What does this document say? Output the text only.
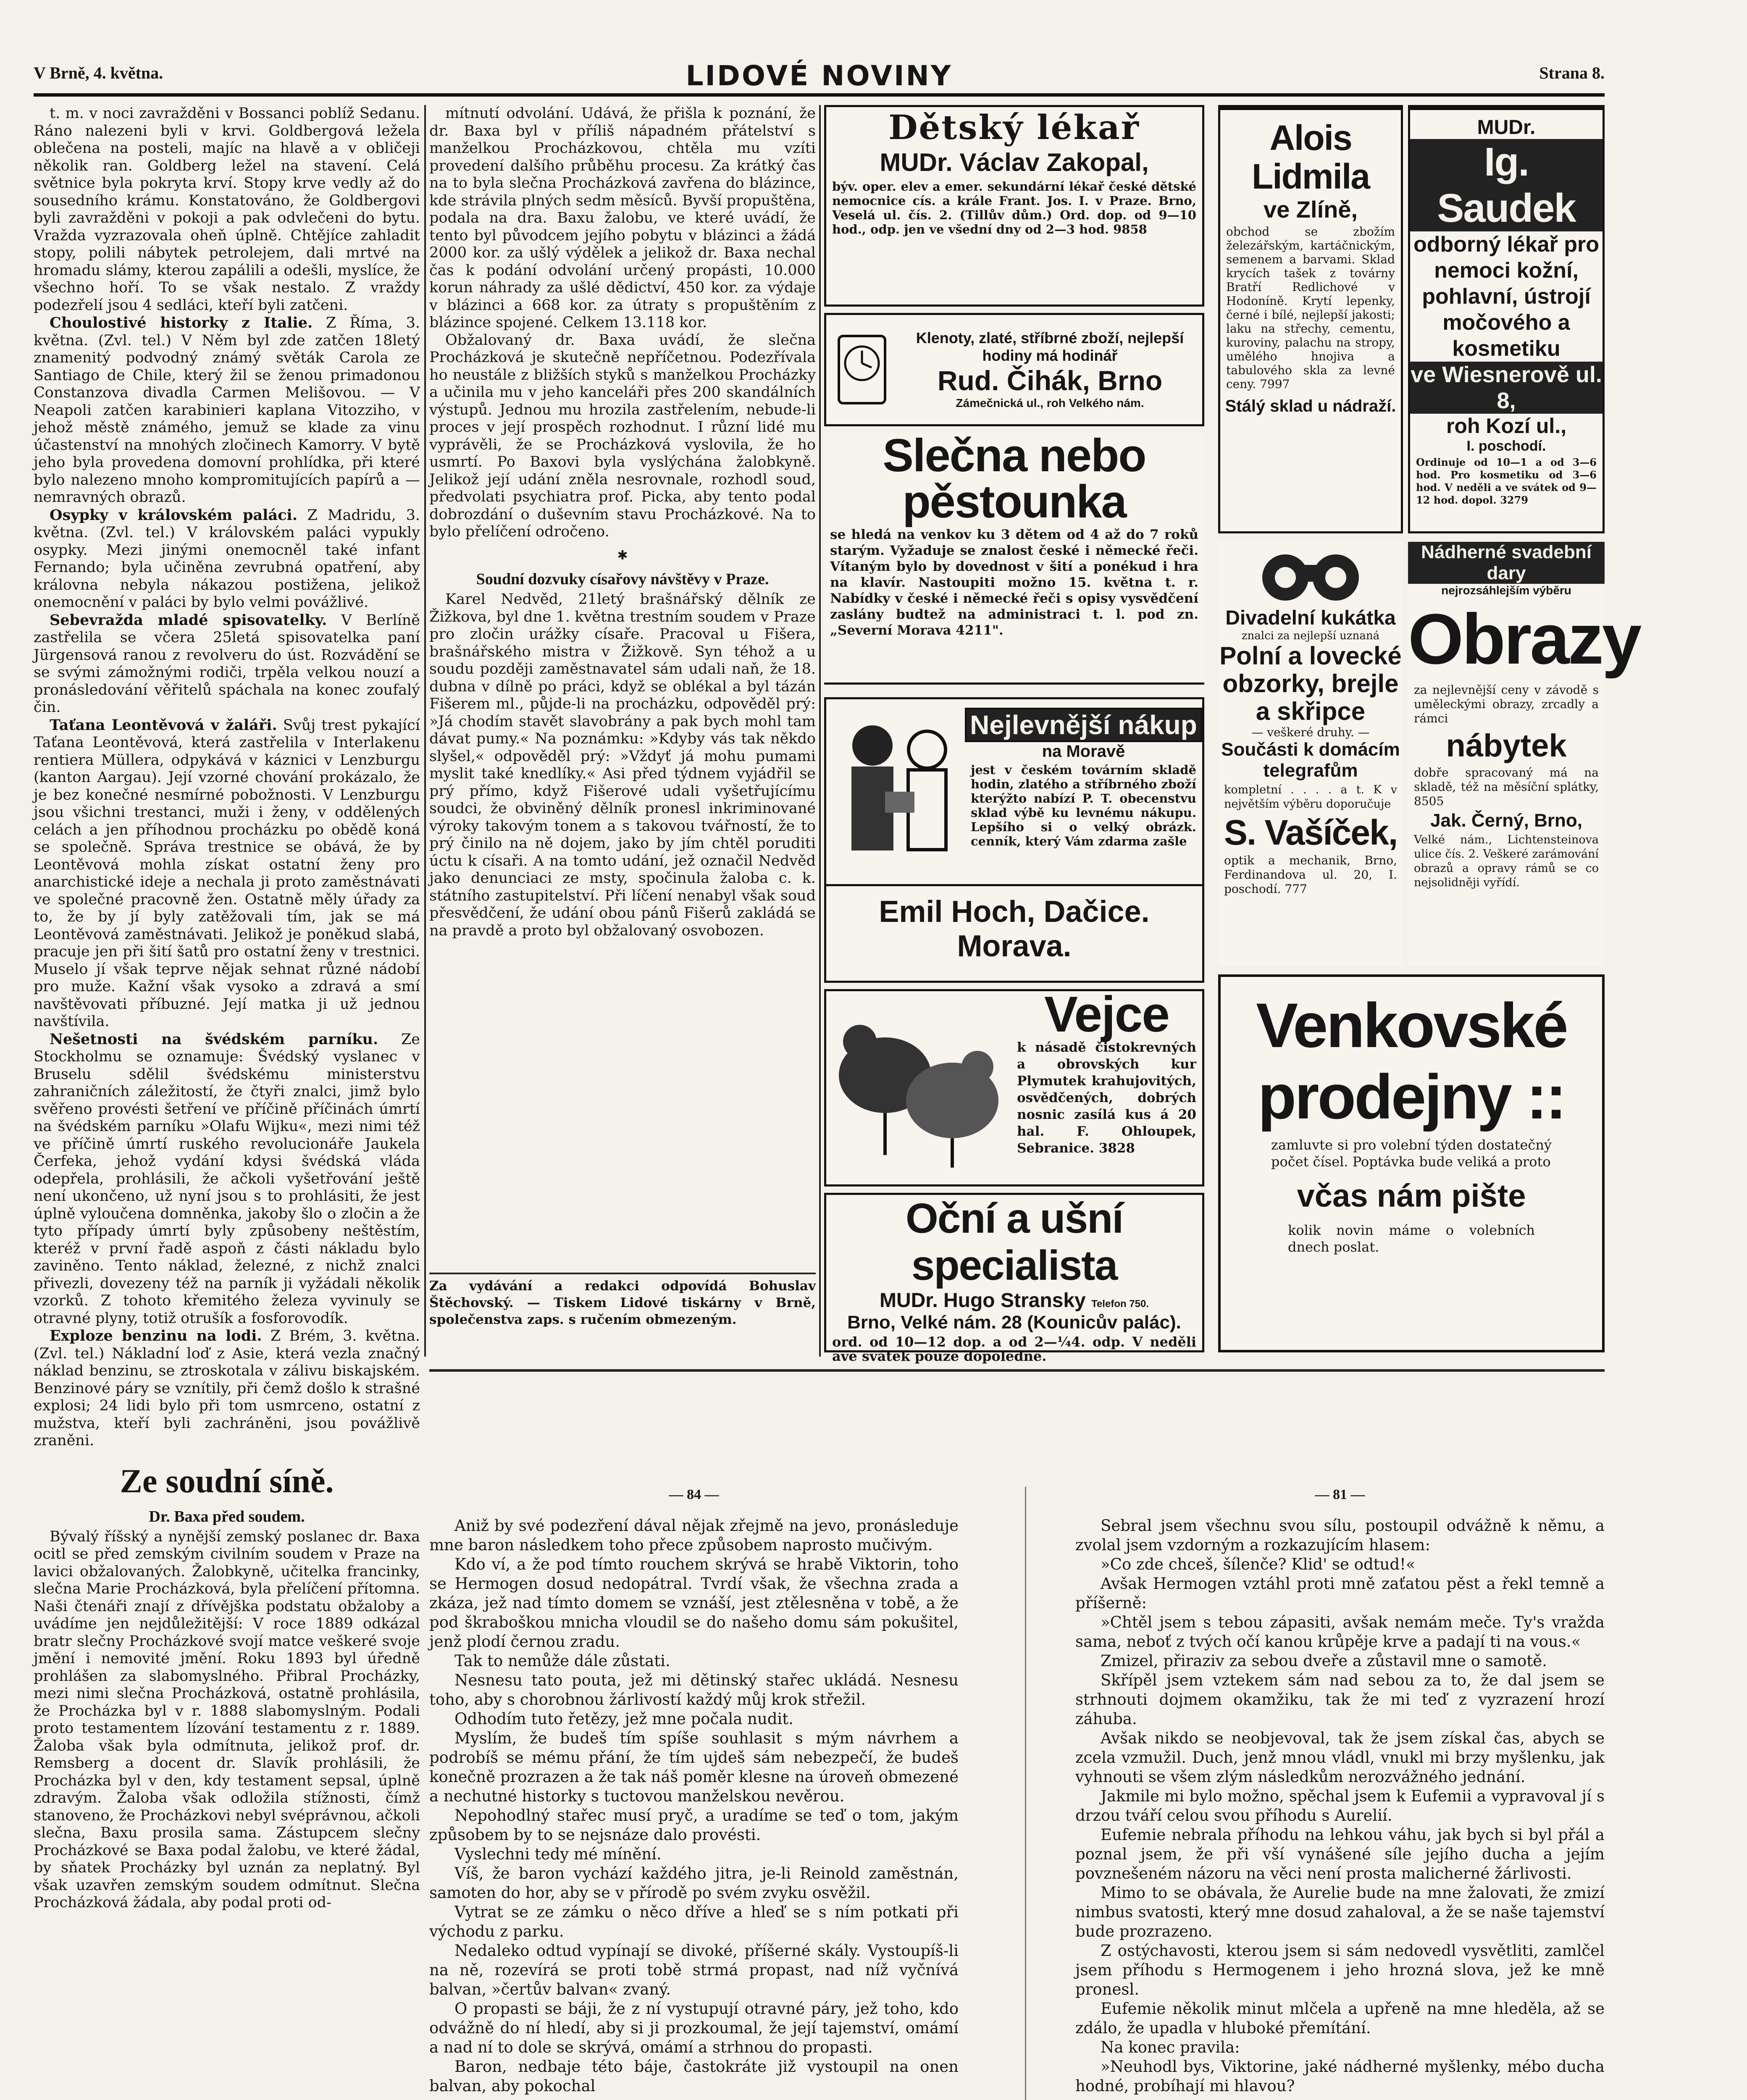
V Brně, 4. května.	LIDOVÉ NOVINY	Strana 8.

t. m. v noci zavražděni v Bossanci poblíž Sedanu. Ráno nalezeni byli v krvi. Goldbergová ležela oblečena na posteli, majíc na hlavě a v obličeji několik ran. Goldberg ležel na stavení. Celá světnice byla pokryta krví. Stopy krve vedly až do sousedního krámu. Konstatováno, že Goldbergovi byli zavražděni v pokoji a pak odvlečeni do bytu. Vražda vyzrazovala oheň úplně. Chtějíce zahladit stopy, polili nábytek petrolejem, dali mrtvé na hromadu slámy, kterou zapálili a odešli, myslíce, že všechno hoří. To se však nestalo. Z vraždy podezřelí jsou 4 sedláci, kteří byli zatčeni.

Choulostivé historky z Italie. Z Říma, 3. května. (Zvl. tel.) V Něm byl zde zatčen 18letý znamenitý podvodný známý světák Carola ze Santiago de Chile, který žil se ženou primadonou Constanzova divadla Carmen Melišovou. — V Neapoli zatčen karabinieri kaplana Vitozziho, v jehož městě známého, jemuž se klade za vinu účastenství na mnohých zločinech Kamorry. V bytě jeho byla provedena domovní prohlídka, při které bylo nalezeno mnoho kompromitujících papírů a — nemravných obrazů.

Osypky v královském paláci. Z Madridu, 3. května. (Zvl. tel.) V královském paláci vypukly osypky. Mezi jinými onemocněl také infant Fernando; byla učiněna zevrubná opatření, aby královna nebyla nákazou postižena, jelikož onemocnění v paláci by bylo velmi povážlivé.

Sebevražda mladé spisovatelky. V Berlíně zastřelila se včera 25letá spisovatelka paní Jürgensová ranou z revolveru do úst. Rozvádění se se svými zámožnými rodiči, trpěla velkou nouzí a pronásledování věřitelů spáchala na konec zoufalý čin.

Taťana Leontěvová v žaláři. Svůj trest pykající Taťana Leontěvová, která zastřelila v Interlakenu rentiera Müllera, odpykává v káznici v Lenzburgu (kanton Aargau). Její vzorné chování prokázalo, že je bez konečné nesmírné pobožnosti. V Lenzburgu jsou všichni trestanci, muži i ženy, v oddělených celách a jen příhodnou procházku po obědě koná se společně. Správa trestnice se obává, že by Leontěvová mohla získat ostatní ženy pro anarchistické ideje a nechala ji proto zaměstnávati ve společné pracovně žen. Ostatně měly úřady za to, že by jí byly zatěžovali tím, jak se má Leontěvová zaměstnávati. Jelikož je poněkud slabá, pracuje jen při šití šatů pro ostatní ženy v trestnici. Muselo jí však teprve nějak sehnat různé nádobí pro muže. Kažní však vysoko a zdravá a smí navštěvovati příbuzné. Její matka ji už jednou navštívila.

Nešetnosti na švédském parníku. Ze Stockholmu se oznamuje: Švédský vyslanec v Bruselu sdělil švédskému ministerstvu zahraničních záležitostí, že čtyři znalci, jimž bylo svěřeno provésti šetření ve příčině příčinách úmrtí na švédském parníku »Olafu Wijku«, mezi nimi též ve příčině úmrtí ruského revolucionáře Jaukela Čerfeka, jehož vydání kdysi švédská vláda odepřela, prohlásili, že ačkoli vyšetřování ještě není ukončeno, už nyní jsou s to prohlásiti, že jest úplně vyloučena domněnka, jakoby šlo o zločin a že tyto případy úmrtí byly způsobeny neštěstím, kteréž v první řadě aspoň z části nákladu bylo zaviněno. Tento náklad, železné, z nichž znalci přivezli, dovezeny též na parník ji vyžádali několik vzorků. Z tohoto křemitého železa vyvinuly se otravné plyny, totiž otrušík a fosforovodík.

Exploze benzinu na lodi. Z Brém, 3. května. (Zvl. tel.) Nákladní loď z Asie, která vezla značný náklad benzinu, se ztroskotala v zálivu biskajském. Benzinové páry se vznítily, při čemž došlo k strašné explosi; 24 lidi bylo při tom usmrceno, ostatní z mužstva, kteří byli zachráněni, jsou povážlivě zraněni.

Ze soudní síně.
Dr. Baxa před soudem.

Bývalý říšský a nynější zemský poslanec dr. Baxa ocitl se před zemským civilním soudem v Praze na lavici obžalovaných. Žalobkyně, učitelka francinky, slečna Marie Procházková, byla přelíčení přítomna. Naši čtenáři znají z dřívějška podstatu obžaloby a uvádíme jen nejdůležitější: V roce 1889 odkázal bratr slečny Procházkové svojí matce veškeré svoje jmění i nemovité jmění. Roku 1893 byl úředně prohlášen za slabomyslného. Přibral Procházky, mezi nimi slečna Procházková, ostatně prohlásila, že Procházka byl v r. 1888 slabomyslným. Podali proto testamentem lízování testamentu z r. 1889. Žaloba však byla odmítnuta, jelikož prof. dr. Remsberg a docent dr. Slavík prohlásili, že Procházka byl v den, kdy testament sepsal, úplně zdravým. Žaloba však odložila stížnosti, čímž stanoveno, že Procházkovi nebyl svéprávnou, ačkoli slečna, Baxu prosila sama. Zástupcem slečny Procházkové se Baxa podal žalobu, ve které žádal, by sňatek Procházky byl uznán za neplatný. Byl však uzavřen zemským soudem odmítnut. Slečna Procházková žádala, aby podal proti od-

mítnutí odvolání. Udává, že přišla k poznání, že dr. Baxa byl v příliš nápadném přátelství s manželkou Procházkovou, chtěla mu vzíti provedení dalšího průběhu procesu. Za krátký čas na to byla slečna Procházková zavřena do blázince, kde strávila plných sedm měsíců. Byvší propuštěna, podala na dra. Baxu žalobu, ve které uvádí, že tento byl původcem jejího pobytu v blázinci a žádá 2000 kor. za ušlý výdělek a jelikož dr. Baxa nechal čas k podání odvolání určený propásti, 10.000 korun náhrady za ušlé dědictví, 450 kor. za výdaje v blázinci a 668 kor. za útraty s propuštěním z blázince spojené. Celkem 13.118 kor.

Obžalovaný dr. Baxa uvádí, že slečna Procházková je skutečně nepříčetnou. Podezřívala ho neustále z bližších styků s manželkou Procházky a učinila mu v jeho kanceláři přes 200 skandálních výstupů. Jednou mu hrozila zastřelením, nebude-li proces v její prospěch rozhodnut. I různí lidé mu vyprávěli, že se Procházková vyslovila, že ho usmrtí. Po Baxovi byla vyslýchána žalobkyně. Jelikož její udání zněla nesrovnale, rozhodl soud, předvolati psychiatra prof. Picka, aby tento podal dobrozdání o duševním stavu Procházkové. Na to bylo přelíčení odročeno.

✱
Soudní dozvuky císařovy návštěvy v Praze.

Karel Nedvěd, 21letý brašnářský dělník ze Žižkova, byl dne 1. května trestním soudem v Praze pro zločin urážky císaře. Pracoval u Fišera, brašnářského mistra v Žižkově. Syn téhož a u soudu později zaměstnavatel sám udali naň, že 18. dubna v dílně po práci, když se oblékal a byl tázán Fišerem ml., půjde-li na procházku, odpověděl prý: »Já chodím stavět slavobrány a pak bych mohl tam dávat pumy.« Na poznámku: »Kdyby vás tak někdo slyšel,« odpověděl prý: »Vždyť já mohu pumami myslit také knedlíky.« Asi před týdnem vyjádřil se prý přímo, když Fišerové udali vyšetřujícímu soudci, že obviněný dělník pronesl inkriminované výroky takovým tonem a s takovou tvářností, že to prý činilo na ně dojem, jako by jím chtěl poruditi úctu k císaři. A na tomto udání, jež označil Nedvěd jako denunciaci ze msty, spočinula žaloba c. k. státního zastupitelství. Při líčení nenabyl však soud přesvědčení, že udání obou pánů Fišerů zakládá se na pravdě a proto byl obžalovaný osvobozen.

Za vydávání a redakci odpovídá Bohuslav Štěchovský. — Tiskem Lidové tiskárny v Brně, společenstva zaps. s ručením obmezeným.
Dětský lékař
MUDr. Václav Zakopal,
býv. oper. elev a emer. sekundární lékař české dětské nemocnice cís. a krále Frant. Jos. I. v Praze. Brno, Veselá ul. čís. 2. (Tillův dům.) Ord. dop. od 9—10 hod., odp. jen ve všední dny od 2—3 hod. 9858
Klenoty, zlaté, stříbrné zboží, nejlepší hodiny má hodinář
Rud. Čihák, Brno
Zámečnická ul., roh Velkého nám.
Slečna nebo pěstounka
se hledá na venkov ku 3 dětem od 4 až do 7 roků starým. Vyžaduje se znalost české i německé řeči. Vítaným bylo by dovednost v šití a ponékud i hra na klavír. Nastoupiti možno 15. května t. r. Nabídky v české i německé řeči s opisy vysvědčení zaslány budtež na administraci t. l. pod zn. „Severní Morava 4211".
Nejlevnější nákup
na Moravě
jest v českém továrním skladě hodin, zlatého a stříbrného zboží kterýžto nabízí P. T. obecenstvu sklad výbě ku levnému nákupu. Lepšího si o velký obrázk. cenník, který Vám zdarma zašle
Emil Hoch, Dačice. Morava.
Vejce
k násadě čistokrevných a obrovských kur Plymutek krahujovitých, osvědčených, dobrých nosnic zasílá kus á 20 hal. F. Ohloupek, Sebranice. 3828
Oční a ušní specialista
MUDr. Hugo Stransky Telefon 750.
Brno, Velké nám. 28 (Kounicův palác).
ord. od 10—12 dop. a od 2—¼4. odp. V neděli ave svátek pouze dopoledne.
Alois Lidmila
ve Zlíně,
obchod se zbožím železářským, kartáčnickým, semenem a barvami. Sklad krycích tašek z továrny Bratří Redlichové v Hodoníně. Krytí lepenky, černé i bílé, nejlepší jakosti; laku na střechy, cementu, kuroviny, palachu na stropy, umělého hnojiva a tabulového skla za levné ceny. 7997
Stálý sklad u nádraží.
MUDr.
Ig. Saudek
odborný lékař pro nemoci kožní, pohlavní, ústrojí močového a kosmetiku
ve Wiesnerově ul. 8,
roh Kozí ul.,
I. poschodí.
Ordinuje od 10—1 a od 3—6 hod. Pro kosmetiku od 3—6 hod. V neděli a ve svátek od 9—12 hod. dopol. 3279
Divadelní kukátka
znalci za nejlepší uznaná
Polní a lovecké obzorky, brejle a skřipce
— veškeré druhy. —
Součásti k domácím telegrafům
kompletní . . . . a t. K v největším výběru doporučuje
S. Vašíček,
optik a mechanik, Brno, Ferdinandova ul. 20, I. poschodí. 777
Nádherné svadební dary
nejrozsáhlejším výběru
Obrazy
za nejlevnější ceny v závodě s uměleckými obrazy, zrcadly a rámci
nábytek
dobře spracovaný má na skladě, též na měsíční splátky, 8505
Jak. Černý, Brno,
Velké nám., Lichtensteinova ulice čís. 2. Veškeré zarámování obrazů a opravy rámů se co nejsolidněji vyřídí.
Venkovské prodejny ::
zamluvte si pro volební týden dostatečný počet čísel. Poptávka bude veliká a proto
včas nám pište
kolik novin máme o volebních dnech poslat.
— 84 —

Aniž by své podezření dával nějak zřejmě na jevo, pronásleduje mne baron následkem toho přece způsobem naprosto mučivým.

Kdo ví, a že pod tímto rouchem skrývá se hrabě Viktorin, toho se Hermogen dosud nedopátral. Tvrdí však, že všechna zrada a zkáza, jež nad tímto domem se vznáší, jest ztělesněna v tobě, a že pod škraboškou mnicha vloudil se do našeho domu sám pokušitel, jenž plodí černou zradu.

Tak to nemůže dále zůstati.

Nesnesu tato pouta, jež mi dětinský stařec ukládá. Nesnesu toho, aby s chorobnou žárlivostí každý můj krok střežil.

Odhodím tuto řetězy, jež mne počala nudit.

Myslím, že budeš tím spíše souhlasit s mým návrhem a podrobíš se mému přání, že tím ujdeš sám nebezpečí, že budeš konečně prozrazen a že tak náš poměr klesne na úroveň obmezené a nechutné historky s tuctovou manželskou nevěrou.

Nepohodlný stařec musí pryč, a uradíme se teď o tom, jakým způsobem by to se nejsnáze dalo provésti.

Vyslechni tedy mé mínění.

Víš, že baron vychází každého jitra, je-li Reinold zaměstnán, samoten do hor, aby se v přírodě po svém zvyku osvěžil.

Vytrat se ze zámku o něco dříve a hleď se s ním potkati při východu z parku.

Nedaleko odtud vypínají se divoké, příšerné skály. Vystoupíš-li na ně, rozevírá se proti tobě strmá propast, nad níž vyčnívá balvan, »čertův balvan« zvaný.

O propasti se báji, že z ní vystupují otravné páry, jež toho, kdo odvážně do ní hledí, aby si ji prozkoumal, že její tajemství, omámí a nad ní to dole se skrývá, omámí a strhnou do propasti.

Baron, nedbaje této báje, častokráte již vystoupil na onen balvan, aby pokochal

— 81 —

Sebral jsem všechnu svou sílu, postoupil odvážně k němu, a zvolal jsem vzdorným a rozkazujícím hlasem:

»Co zde chceš, šílenče? Klid' se odtud!«

Avšak Hermogen vztáhl proti mně zaťatou pěst a řekl temně a příšerně:

»Chtěl jsem s tebou zápasiti, avšak nemám meče. Ty's vražda sama, neboť z tvých očí kanou krůpěje krve a padají ti na vous.«

Zmizel, přiraziv za sebou dveře a zůstavil mne o samotě.

Skřípěl jsem vztekem sám nad sebou za to, že dal jsem se strhnouti dojmem okamžiku, tak že mi teď z vyzrazení hrozí záhuba.

Avšak nikdo se neobjevoval, tak že jsem získal čas, abych se zcela vzmužil. Duch, jenž mnou vládl, vnukl mi brzy myšlenku, jak vyhnouti se všem zlým následkům nerozvážného jednání.

Jakmile mi bylo možno, spěchal jsem k Eufemii a vypravoval jí s drzou tváří celou svou příhodu s Aurelií.

Eufemie nebrala příhodu na lehkou váhu, jak bych si byl přál a poznal jsem, že při vší vynášené síle jejího ducha a jejím povznešeném názoru na věci není prosta malicherné žárlivosti.

Mimo to se obávala, že Aurelie bude na mne žalovati, že zmizí nimbus svatosti, který mne dosud zahaloval, a že se naše tajemství bude prozrazeno.

Z ostýchavosti, kterou jsem si sám nedovedl vysvětliti, zamlčel jsem příhodu s Hermogenem i jeho hrozná slova, jež ke mně pronesl.

Eufemie několik minut mlčela a upřeně na mne hleděla, až se zdálo, že upadla v hluboké přemítání.

Na konec pravila:

»Neuhodl bys, Viktorine, jaké nádherné myšlenky, mébo ducha hodné, probíhají mi hlavou?
